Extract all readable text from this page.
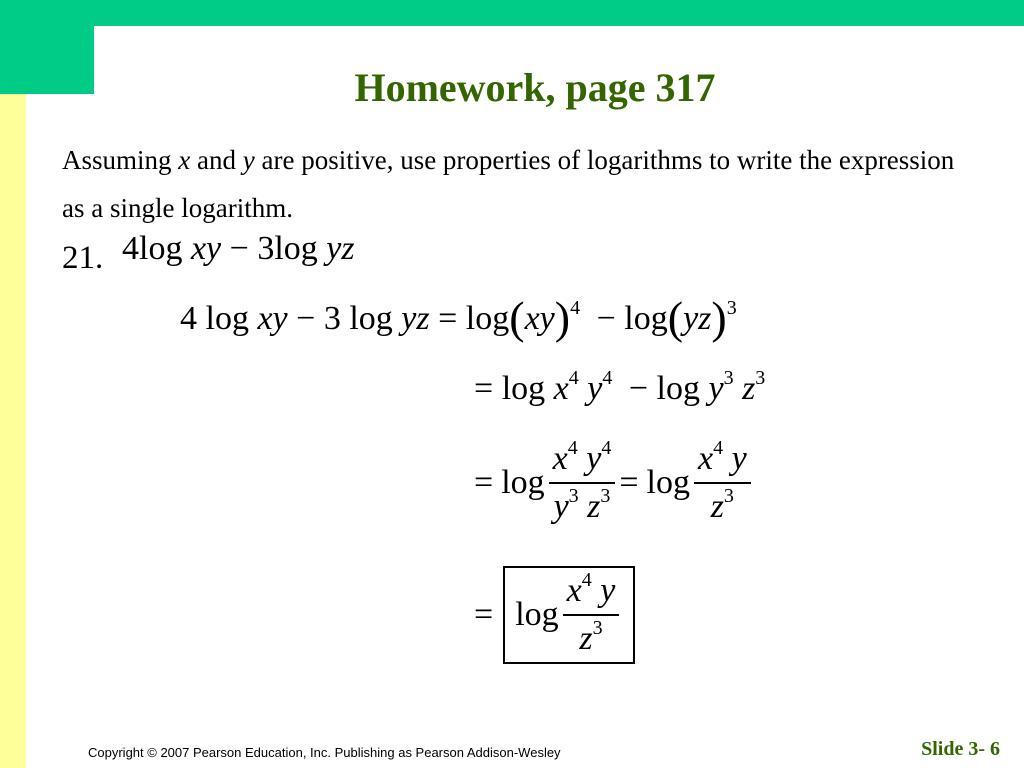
Homework, page 317
Assuming x and y are positive, use properties of logarithms to write the expression as a single logarithm.
21. 4log xy − 3log yz
4 log xy − 3 log yz = log(xy)$^4$ − log(yz)$^3$
= $\log x^4$ $y^4 - \log y^3$ $z^3$
= $\log \frac{x^4 y^4}{y^3 z^3} = \log \frac{x^4 y}{z^3}$
= $\log \frac{x^4 y}{z^3}$
Copyright © 2007 Pearson Education, Inc. Publishing as Pearson Addison-Wesley	Slide 3- 6
